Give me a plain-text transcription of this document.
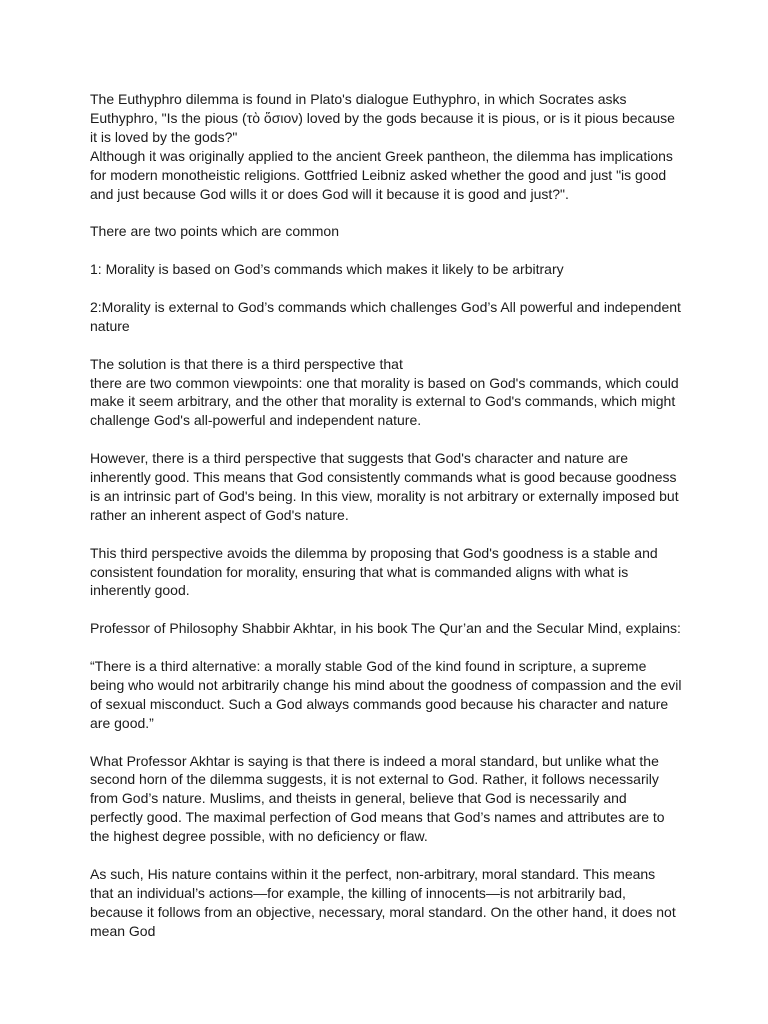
The Euthyphro dilemma is found in Plato's dialogue Euthyphro, in which Socrates asks Euthyphro, "Is the pious (τὸ ὅσιον) loved by the gods because it is pious, or is it pious because it is loved by the gods?"

Although it was originally applied to the ancient Greek pantheon, the dilemma has implications for modern monotheistic religions. Gottfried Leibniz asked whether the good and just "is good and just because God wills it or does God will it because it is good and just?".

There are two points which are common

1: Morality is based on God’s commands which makes it likely to be arbitrary

2:Morality is external to God’s commands which challenges God’s All powerful and independent nature

The solution is that there is a third perspective that

there are two common viewpoints: one that morality is based on God's commands, which could make it seem arbitrary, and the other that morality is external to God's commands, which might challenge God's all-powerful and independent nature.

However, there is a third perspective that suggests that God's character and nature are inherently good. This means that God consistently commands what is good because goodness is an intrinsic part of God's being. In this view, morality is not arbitrary or externally imposed but rather an inherent aspect of God's nature.

This third perspective avoids the dilemma by proposing that God's goodness is a stable and consistent foundation for morality, ensuring that what is commanded aligns with what is inherently good.

Professor of Philosophy Shabbir Akhtar, in his book The Qur’an and the Secular Mind, explains:

“There is a third alternative: a morally stable God of the kind found in scripture, a supreme being who would not arbitrarily change his mind about the goodness of compassion and the evil of sexual misconduct. Such a God always commands good because his character and nature are good.”

What Professor Akhtar is saying is that there is indeed a moral standard, but unlike what the second horn of the dilemma suggests, it is not external to God. Rather, it follows necessarily from God’s nature. Muslims, and theists in general, believe that God is necessarily and perfectly good. The maximal perfection of God means that God’s names and attributes are to the highest degree possible, with no deficiency or flaw.

As such, His nature contains within it the perfect, non-arbitrary, moral standard. This means that an individual’s actions—for example, the killing of innocents—is not arbitrarily bad, because it follows from an objective, necessary, moral standard. On the other hand, it does not mean God
